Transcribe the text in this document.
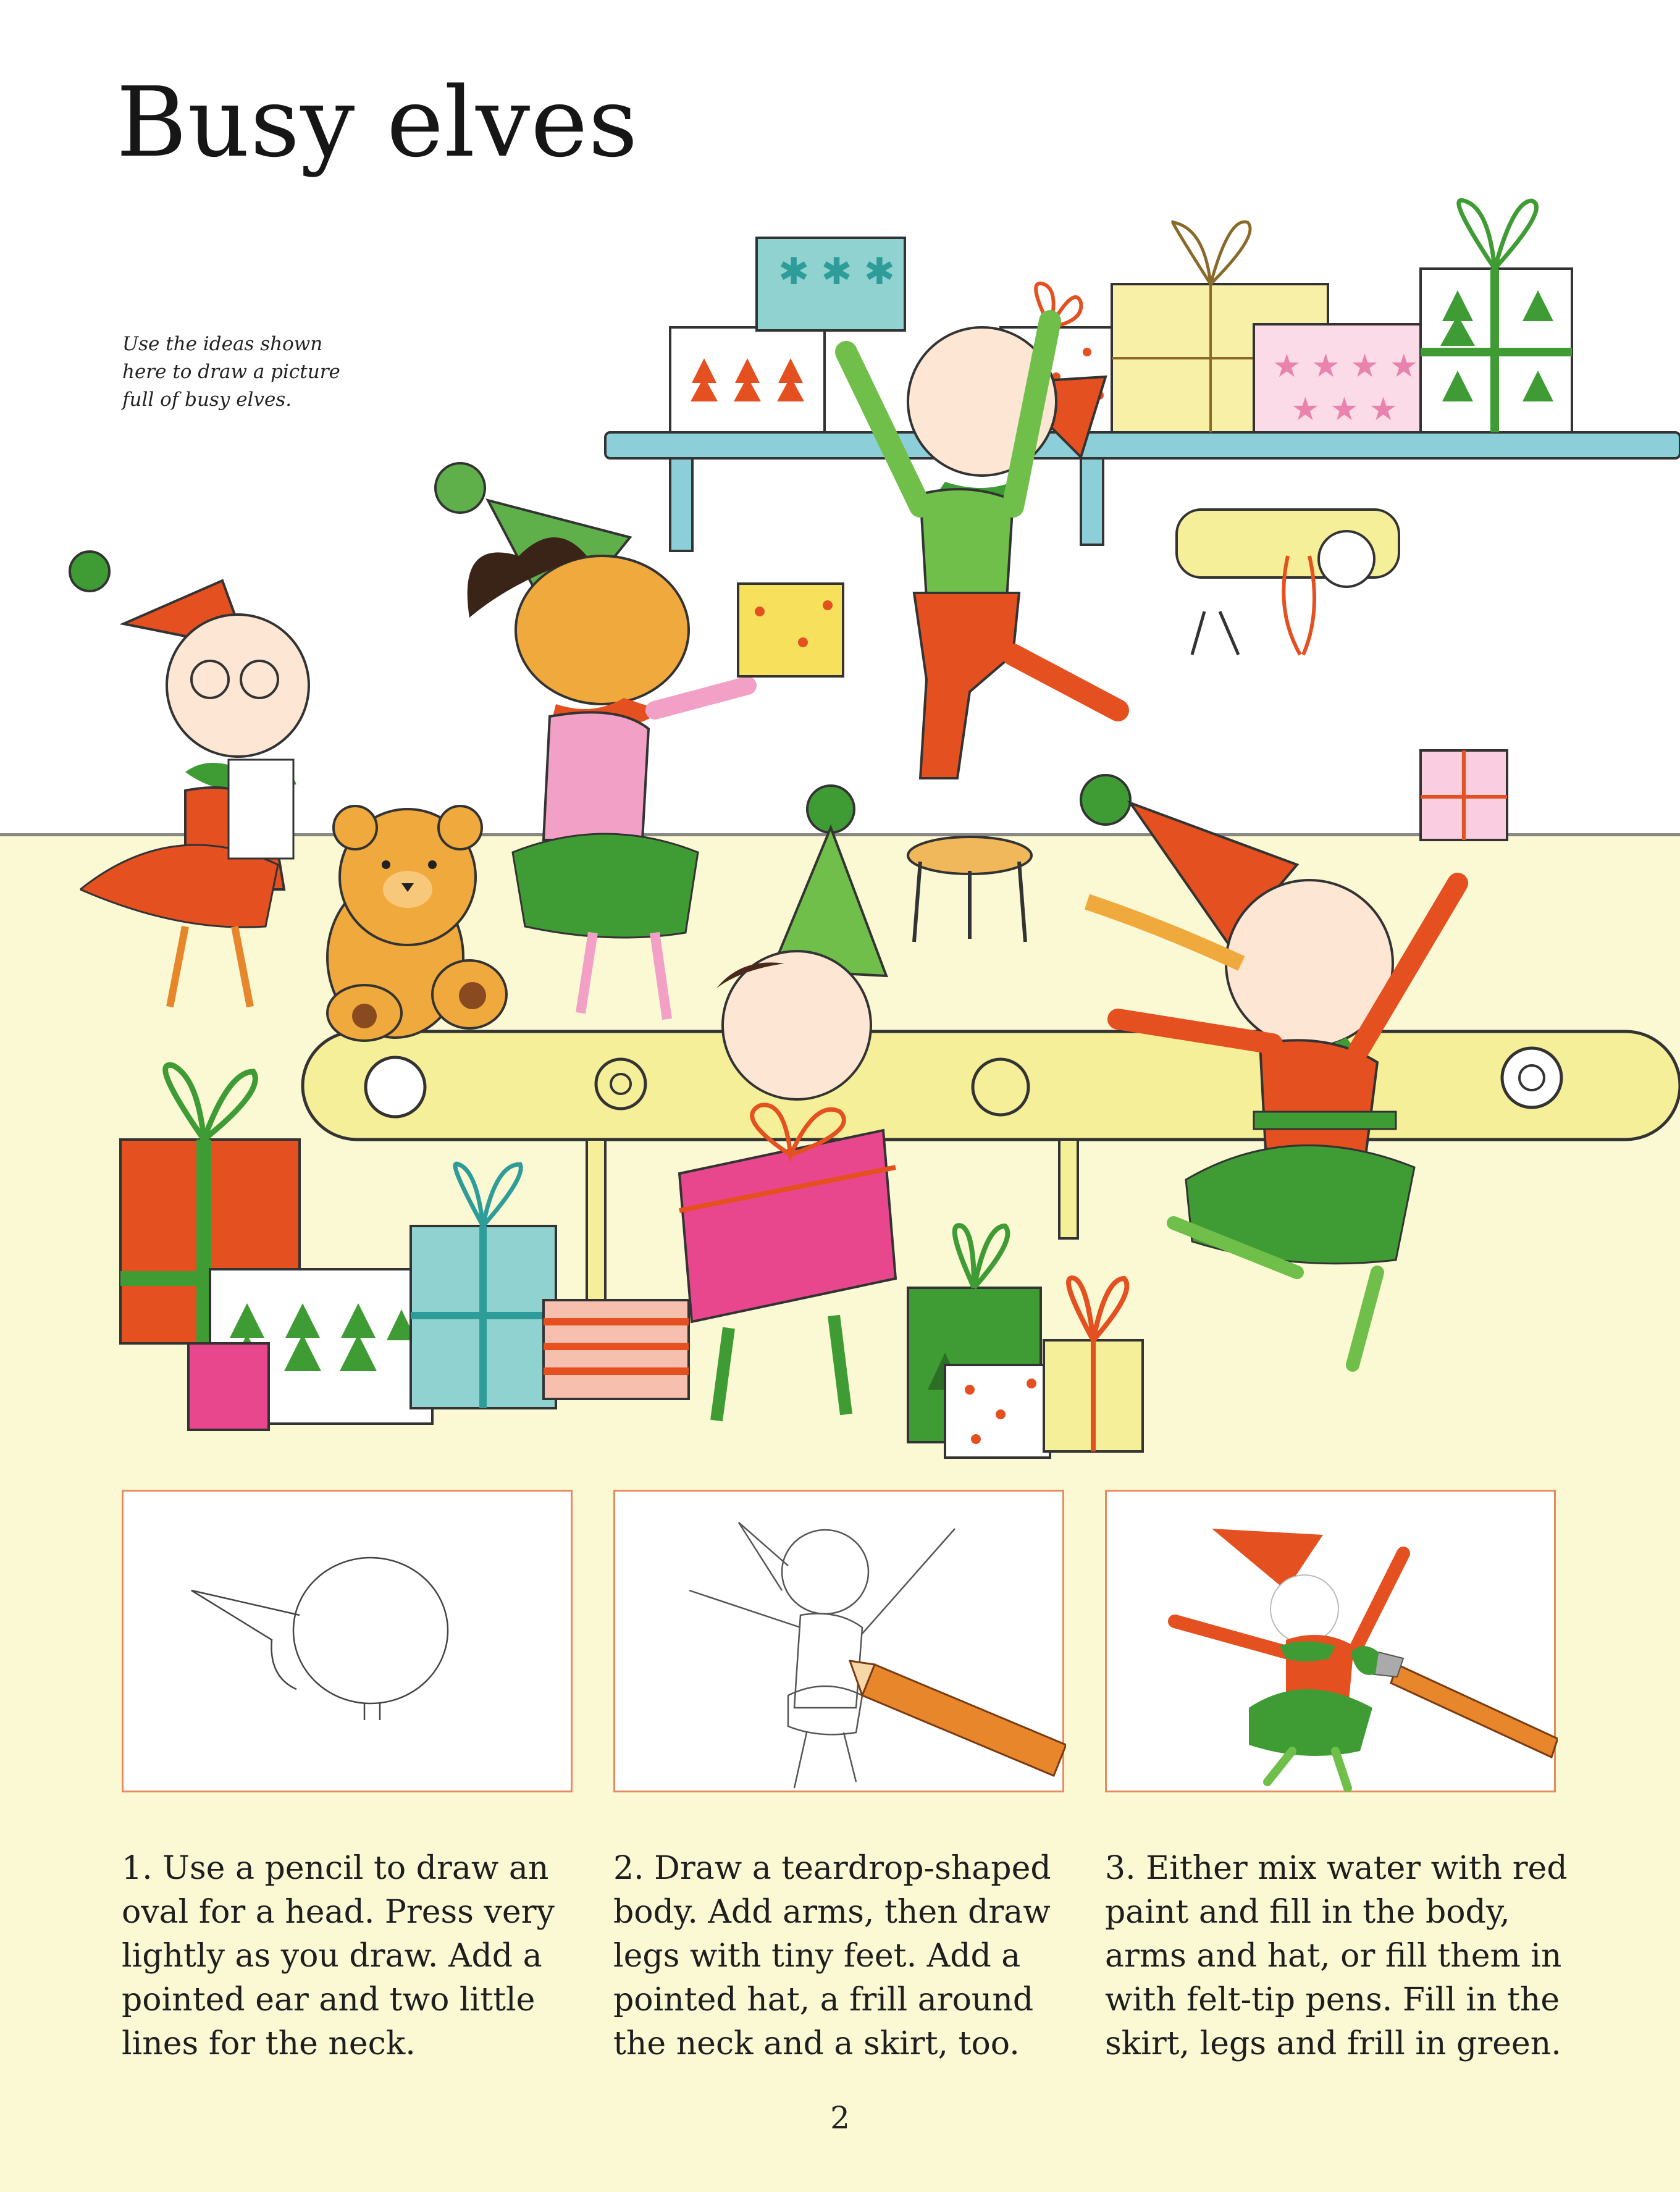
Busy elves
Use the ideas shown here to draw a picture full of busy elves.
✱ ✱ ✱
★ ★ ★ ★
★ ★ ★
1. Use a pencil to draw an oval for a head. Press very lightly as you draw. Add a pointed ear and two little lines for the neck.
2. Draw a teardrop-shaped body. Add arms, then draw legs with tiny feet. Add a pointed hat, a frill around the neck and a skirt, too.
3. Either mix water with red paint and fill in the body, arms and hat, or fill them in with felt-tip pens. Fill in the skirt, legs and frill in green.
2
